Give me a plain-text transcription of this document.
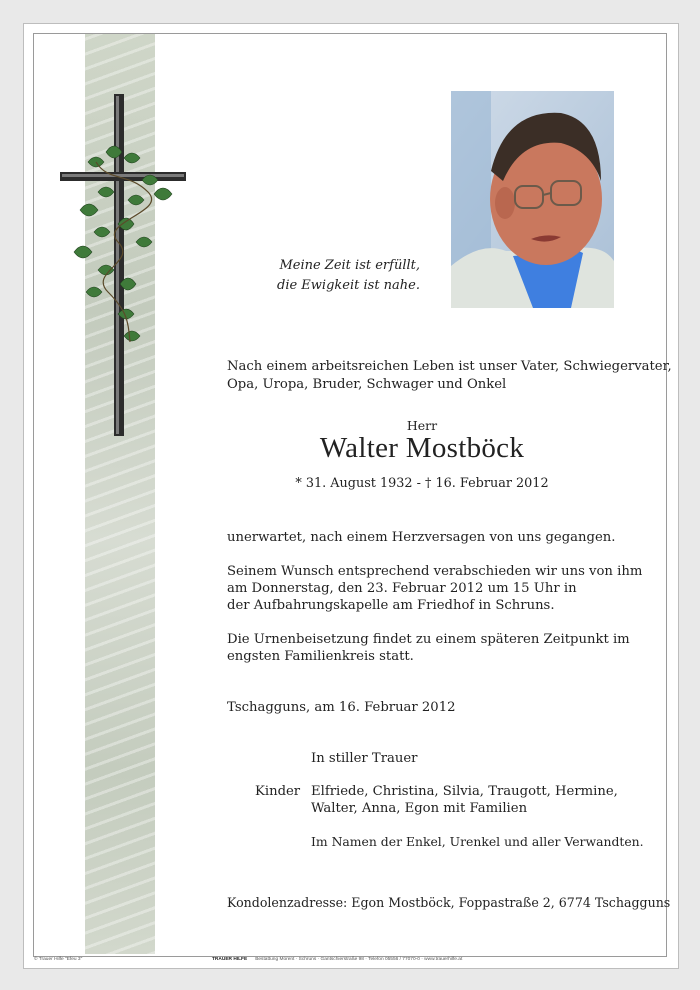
Meine Zeit ist erfüllt,
die Ewigkeit ist nahe.
Nach einem arbeitsreichen Leben ist unser Vater, Schwiegervater,
Opa, Uropa, Bruder, Schwager und Onkel
Herr
Walter Mostböck
* 31. August 1932 - † 16. Februar 2012
unerwartet, nach einem Herzversagen von uns gegangen.
Seinem Wunsch entsprechend verabschieden wir uns von ihm
am Donnerstag, den 23. Februar 2012 um 15 Uhr in
der Aufbahrungskapelle am Friedhof in Schruns.
Die Urnenbeisetzung findet zu einem späteren Zeitpunkt im
engsten Familienkreis statt.
Tschagguns, am 16. Februar 2012
In stiller Trauer
Kinder Elfriede, Christina, Silvia, Traugott, Hermine,
Walter, Anna, Egon mit Familien
Im Namen der Enkel, Urenkel und aller Verwandten.
Kondolenzadresse: Egon Mostböck, Foppastraße 2, 6774 Tschagguns
© Trauer Hilfe "Efeu 3"	TRAUER HILFE Bestattung Morent · Schruns · Gantschierstraße 98 · Telefon 05556 / 77070-0 · www.trauerhilfe.at
